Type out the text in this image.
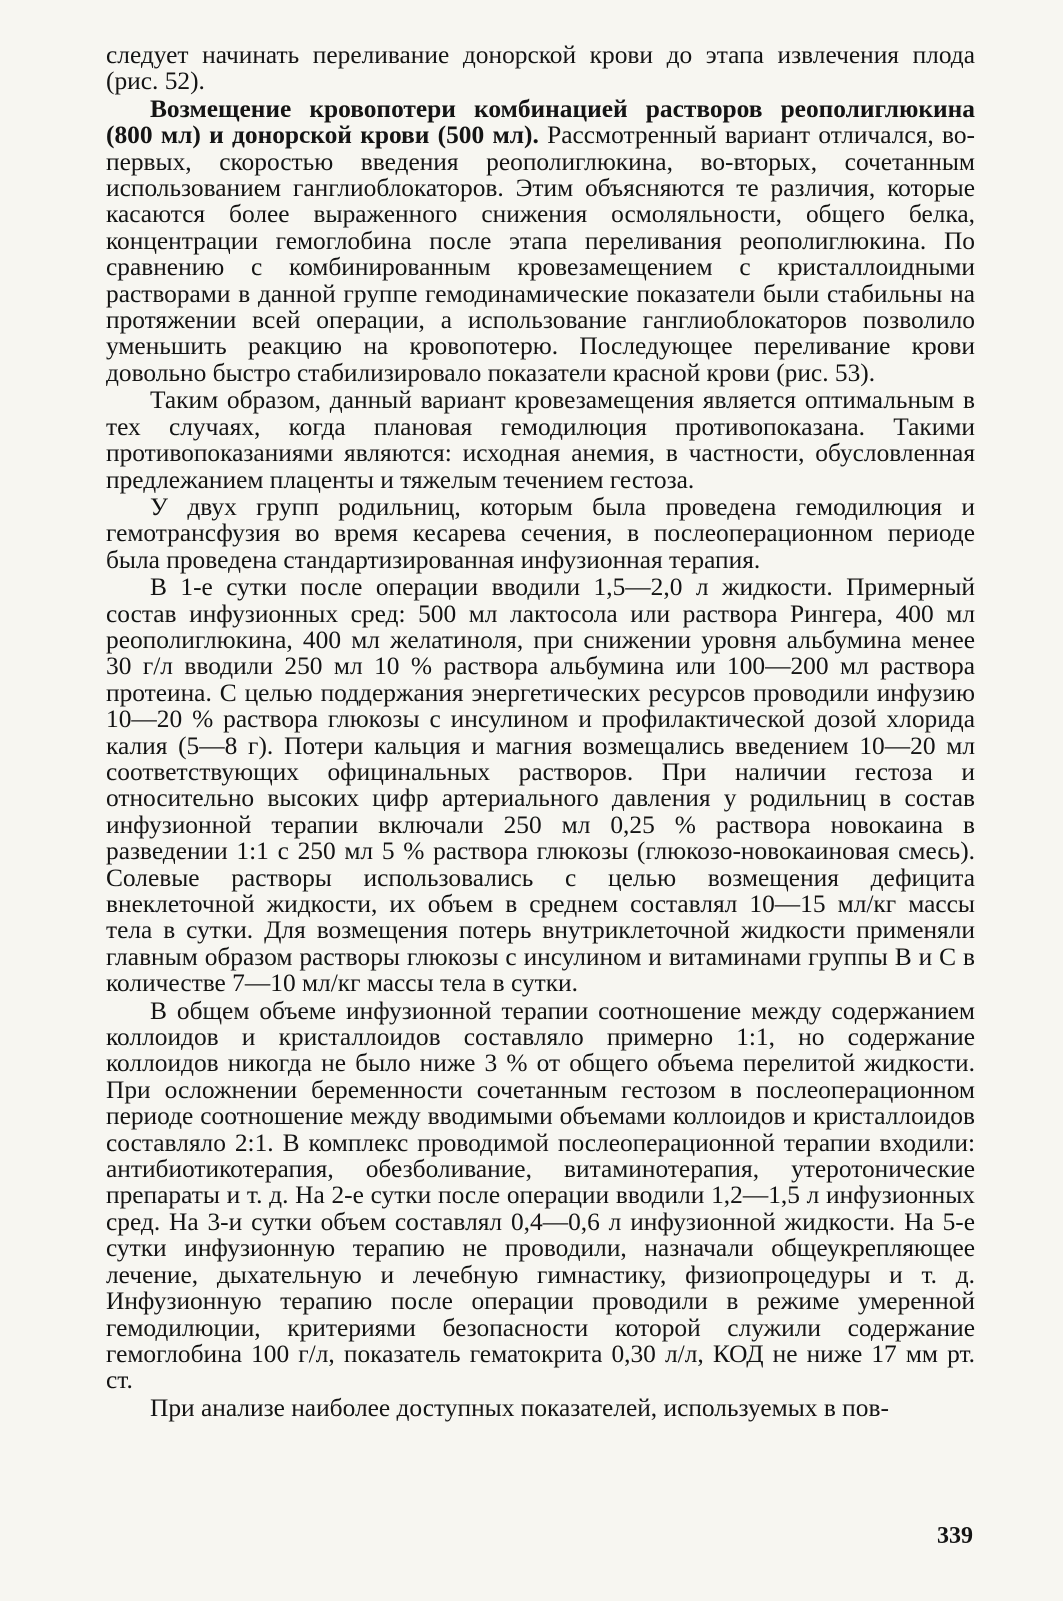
следует начинать переливание донорской крови до этапа извлечения плода (рис. 52).

Возмещение кровопотери комбинацией растворов реополиглюкина (800 мл) и донорской крови (500 мл). Рассмотренный вариант отличался, во-первых, скоростью введения реополиглюкина, во-вторых, сочетанным использованием ганглиоблокаторов. Этим объясняются те различия, которые касаются более выраженного снижения осмоляльности, общего белка, концентрации гемоглобина после этапа переливания реополиглюкина. По сравнению с комбинированным кровезамещением с кристаллоидными растворами в данной группе гемодинамические показатели были стабильны на протяжении всей операции, а использование ганглиоблокаторов позволило уменьшить реакцию на кровопотерю. Последующее переливание крови довольно быстро стабилизировало показатели красной крови (рис. 53).

Таким образом, данный вариант кровезамещения является оптимальным в тех случаях, когда плановая гемодилюция противопоказана. Такими противопоказаниями являются: исходная анемия, в частности, обусловленная предлежанием плаценты и тяжелым течением гестоза.

У двух групп родильниц, которым была проведена гемодилюция и гемотрансфузия во время кесарева сечения, в послеоперационном периоде была проведена стандартизированная инфузионная терапия.

В 1-е сутки после операции вводили 1,5—2,0 л жидкости. Примерный состав инфузионных сред: 500 мл лактосола или раствора Рингера, 400 мл реополиглюкина, 400 мл желатиноля, при снижении уровня альбумина менее 30 г/л вводили 250 мл 10 % раствора альбумина или 100—200 мл раствора протеина. С целью поддержания энергетических ресурсов проводили инфузию 10—20 % раствора глюкозы с инсулином и профилактической дозой хлорида калия (5—8 г). Потери кальция и магния возмещались введением 10—20 мл соответствующих официнальных растворов. При наличии гестоза и относительно высоких цифр артериального давления у родильниц в состав инфузионной терапии включали 250 мл 0,25 % раствора новокаина в разведении 1:1 с 250 мл 5 % раствора глюкозы (глюкозо-новокаиновая смесь). Солевые растворы использовались с целью возмещения дефицита внеклеточной жидкости, их объем в среднем составлял 10—15 мл/кг массы тела в сутки. Для возмещения потерь внутриклеточной жидкости применяли главным образом растворы глюкозы с инсулином и витаминами группы В и С в количестве 7—10 мл/кг массы тела в сутки.

В общем объеме инфузионной терапии соотношение между содержанием коллоидов и кристаллоидов составляло примерно 1:1, но содержание коллоидов никогда не было ниже 3 % от общего объема перелитой жидкости. При осложнении беременности сочетанным гестозом в послеоперационном периоде соотношение между вводимыми объемами коллоидов и кристаллоидов составляло 2:1. В комплекс проводимой послеоперационной терапии входили: антибиотикотерапия, обезболивание, витаминотерапия, утеротонические препараты и т. д. На 2-е сутки после операции вводили 1,2—1,5 л инфузионных сред. На 3-и сутки объем составлял 0,4—0,6 л инфузионной жидкости. На 5-е сутки инфузионную терапию не проводили, назначали общеукрепляющее лечение, дыхательную и лечебную гимнастику, физиопроцедуры и т. д. Инфузионную терапию после операции проводили в режиме умеренной гемодилюции, критериями безопасности которой служили содержание гемоглобина 100 г/л, показатель гематокрита 0,30 л/л, КОД не ниже 17 мм рт. ст.

При анализе наиболее доступных показателей, используемых в пов-

339
